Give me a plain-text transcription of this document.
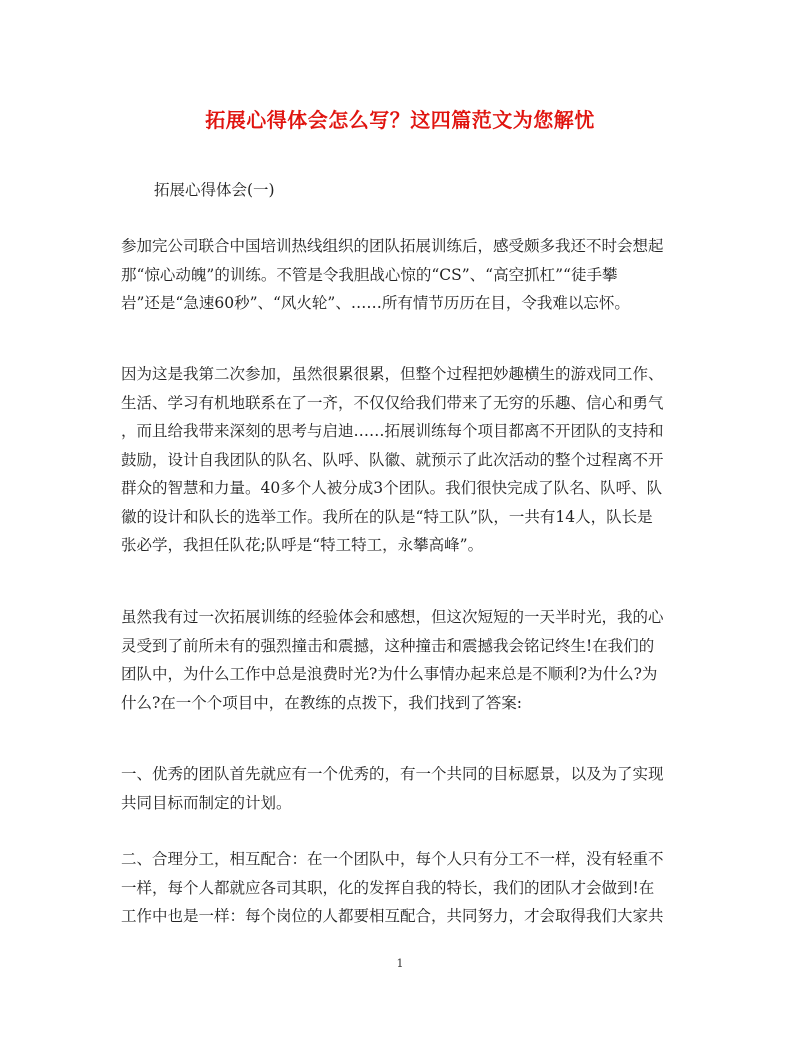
拓展心得体会怎么写？这四篇范文为您解忧
拓展心得体会(一)
参加完公司联合中国培训热线组织的团队拓展训练后，感受颇多我还不时会想起
那“惊心动魄”的训练。不管是令我胆战心惊的“CS”、“高空抓杠”“徒手攀
岩”还是“急速60秒”、“风火轮”、……所有情节历历在目，令我难以忘怀。
因为这是我第二次参加，虽然很累很累，但整个过程把妙趣横生的游戏同工作、
生活、学习有机地联系在了一齐，不仅仅给我们带来了无穷的乐趣、信心和勇气
，而且给我带来深刻的思考与启迪……拓展训练每个项目都离不开团队的支持和
鼓励，设计自我团队的队名、队呼、队徽、就预示了此次活动的整个过程离不开
群众的智慧和力量。40多个人被分成3个团队。我们很快完成了队名、队呼、队
徽的设计和队长的选举工作。我所在的队是“特工队”队，一共有14人，队长是
张必学，我担任队花;队呼是“特工特工，永攀高峰”。
虽然我有过一次拓展训练的经验体会和感想，但这次短短的一天半时光，我的心
灵受到了前所未有的强烈撞击和震撼，这种撞击和震撼我会铭记终生!在我们的
团队中，为什么工作中总是浪费时光?为什么事情办起来总是不顺利?为什么?为
什么?在一个个项目中，在教练的点拨下，我们找到了答案:
一、优秀的团队首先就应有一个优秀的，有一个共同的目标愿景，以及为了实现
共同目标而制定的计划。
二、合理分工，相互配合：在一个团队中，每个人只有分工不一样，没有轻重不
一样，每个人都就应各司其职，化的发挥自我的特长，我们的团队才会做到!在
工作中也是一样：每个岗位的人都要相互配合，共同努力，才会取得我们大家共
1
